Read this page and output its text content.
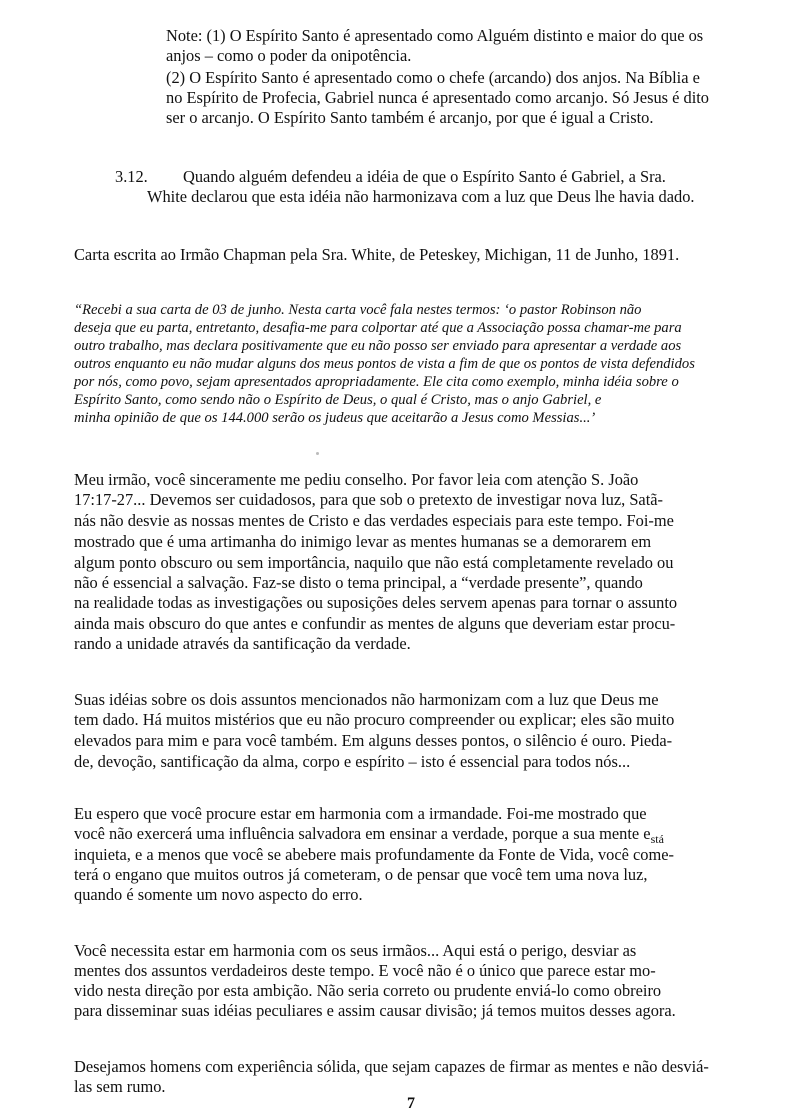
Note: (1) O Espírito Santo é apresentado como Alguém distinto e maior do que os
anjos – como o poder da onipotência.
(2) O Espírito Santo é apresentado como o chefe (arcando) dos anjos. Na Bíblia e
no Espírito de Profecia, Gabriel nunca é apresentado como arcanjo. Só Jesus é dito
ser o arcanjo. O Espírito Santo também é arcanjo, por que é igual a Cristo.
3.12. Quando alguém defendeu a idéia de que o Espírito Santo é Gabriel, a Sra.
White declarou que esta idéia não harmonizava com a luz que Deus lhe havia dado.
Carta escrita ao Irmão Chapman pela Sra. White, de Peteskey, Michigan, 11 de Junho, 1891.
“Recebi a sua carta de 03 de junho. Nesta carta você fala nestes termos: ‘o pastor Robinson não
deseja que eu parta, entretanto, desafia-me para colportar até que a Associação possa chamar-me para
outro trabalho, mas declara positivamente que eu não posso ser enviado para apresentar a verdade aos
outros enquanto eu não mudar alguns dos meus pontos de vista a fim de que os pontos de vista defendidos
por nós, como povo, sejam apresentados apropriadamente. Ele cita como exemplo, minha idéia sobre o
Espírito Santo, como sendo não o Espírito de Deus, o qual é Cristo, mas o anjo Gabriel, e
minha opinião de que os 144.000 serão os judeus que aceitarão a Jesus como Messias...’
Meu irmão, você sinceramente me pediu conselho. Por favor leia com atenção S. João
17:17-27... Devemos ser cuidadosos, para que sob o pretexto de investigar nova luz, Satã-
nás não desvie as nossas mentes de Cristo e das verdades especiais para este tempo. Foi-me
mostrado que é uma artimanha do inimigo levar as mentes humanas se a demorarem em
algum ponto obscuro ou sem importância, naquilo que não está completamente revelado ou
não é essencial a salvação. Faz-se disto o tema principal, a “verdade presente”, quando
na realidade todas as investigações ou suposições deles servem apenas para tornar o assunto
ainda mais obscuro do que antes e confundir as mentes de alguns que deveriam estar procu-
rando a unidade através da santificação da verdade.
Suas idéias sobre os dois assuntos mencionados não harmonizam com a luz que Deus me
tem dado. Há muitos mistérios que eu não procuro compreender ou explicar; eles são muito
elevados para mim e para você também. Em alguns desses pontos, o silêncio é ouro. Pieda-
de, devoção, santificação da alma, corpo e espírito – isto é essencial para todos nós...
Eu espero que você procure estar em harmonia com a irmandade. Foi-me mostrado que
você não exercerá uma influência salvadora em ensinar a verdade, porque a sua mente $e_{stá}$
inquieta, e a menos que você se abebere mais profundamente da Fonte de Vida, você come-
terá o engano que muitos outros já cometeram, o de pensar que você tem uma nova luz,
quando é somente um novo aspecto do erro.
Você necessita estar em harmonia com os seus irmãos... Aqui está o perigo, desviar as
mentes dos assuntos verdadeiros deste tempo. E você não é o único que parece estar mo-
vido nesta direção por esta ambição. Não seria correto ou prudente enviá-lo como obreiro
para disseminar suas idéias peculiares e assim causar divisão; já temos muitos desses agora.
Desejamos homens com experiência sólida, que sejam capazes de firmar as mentes e não desviá-
las sem rumo.
7
